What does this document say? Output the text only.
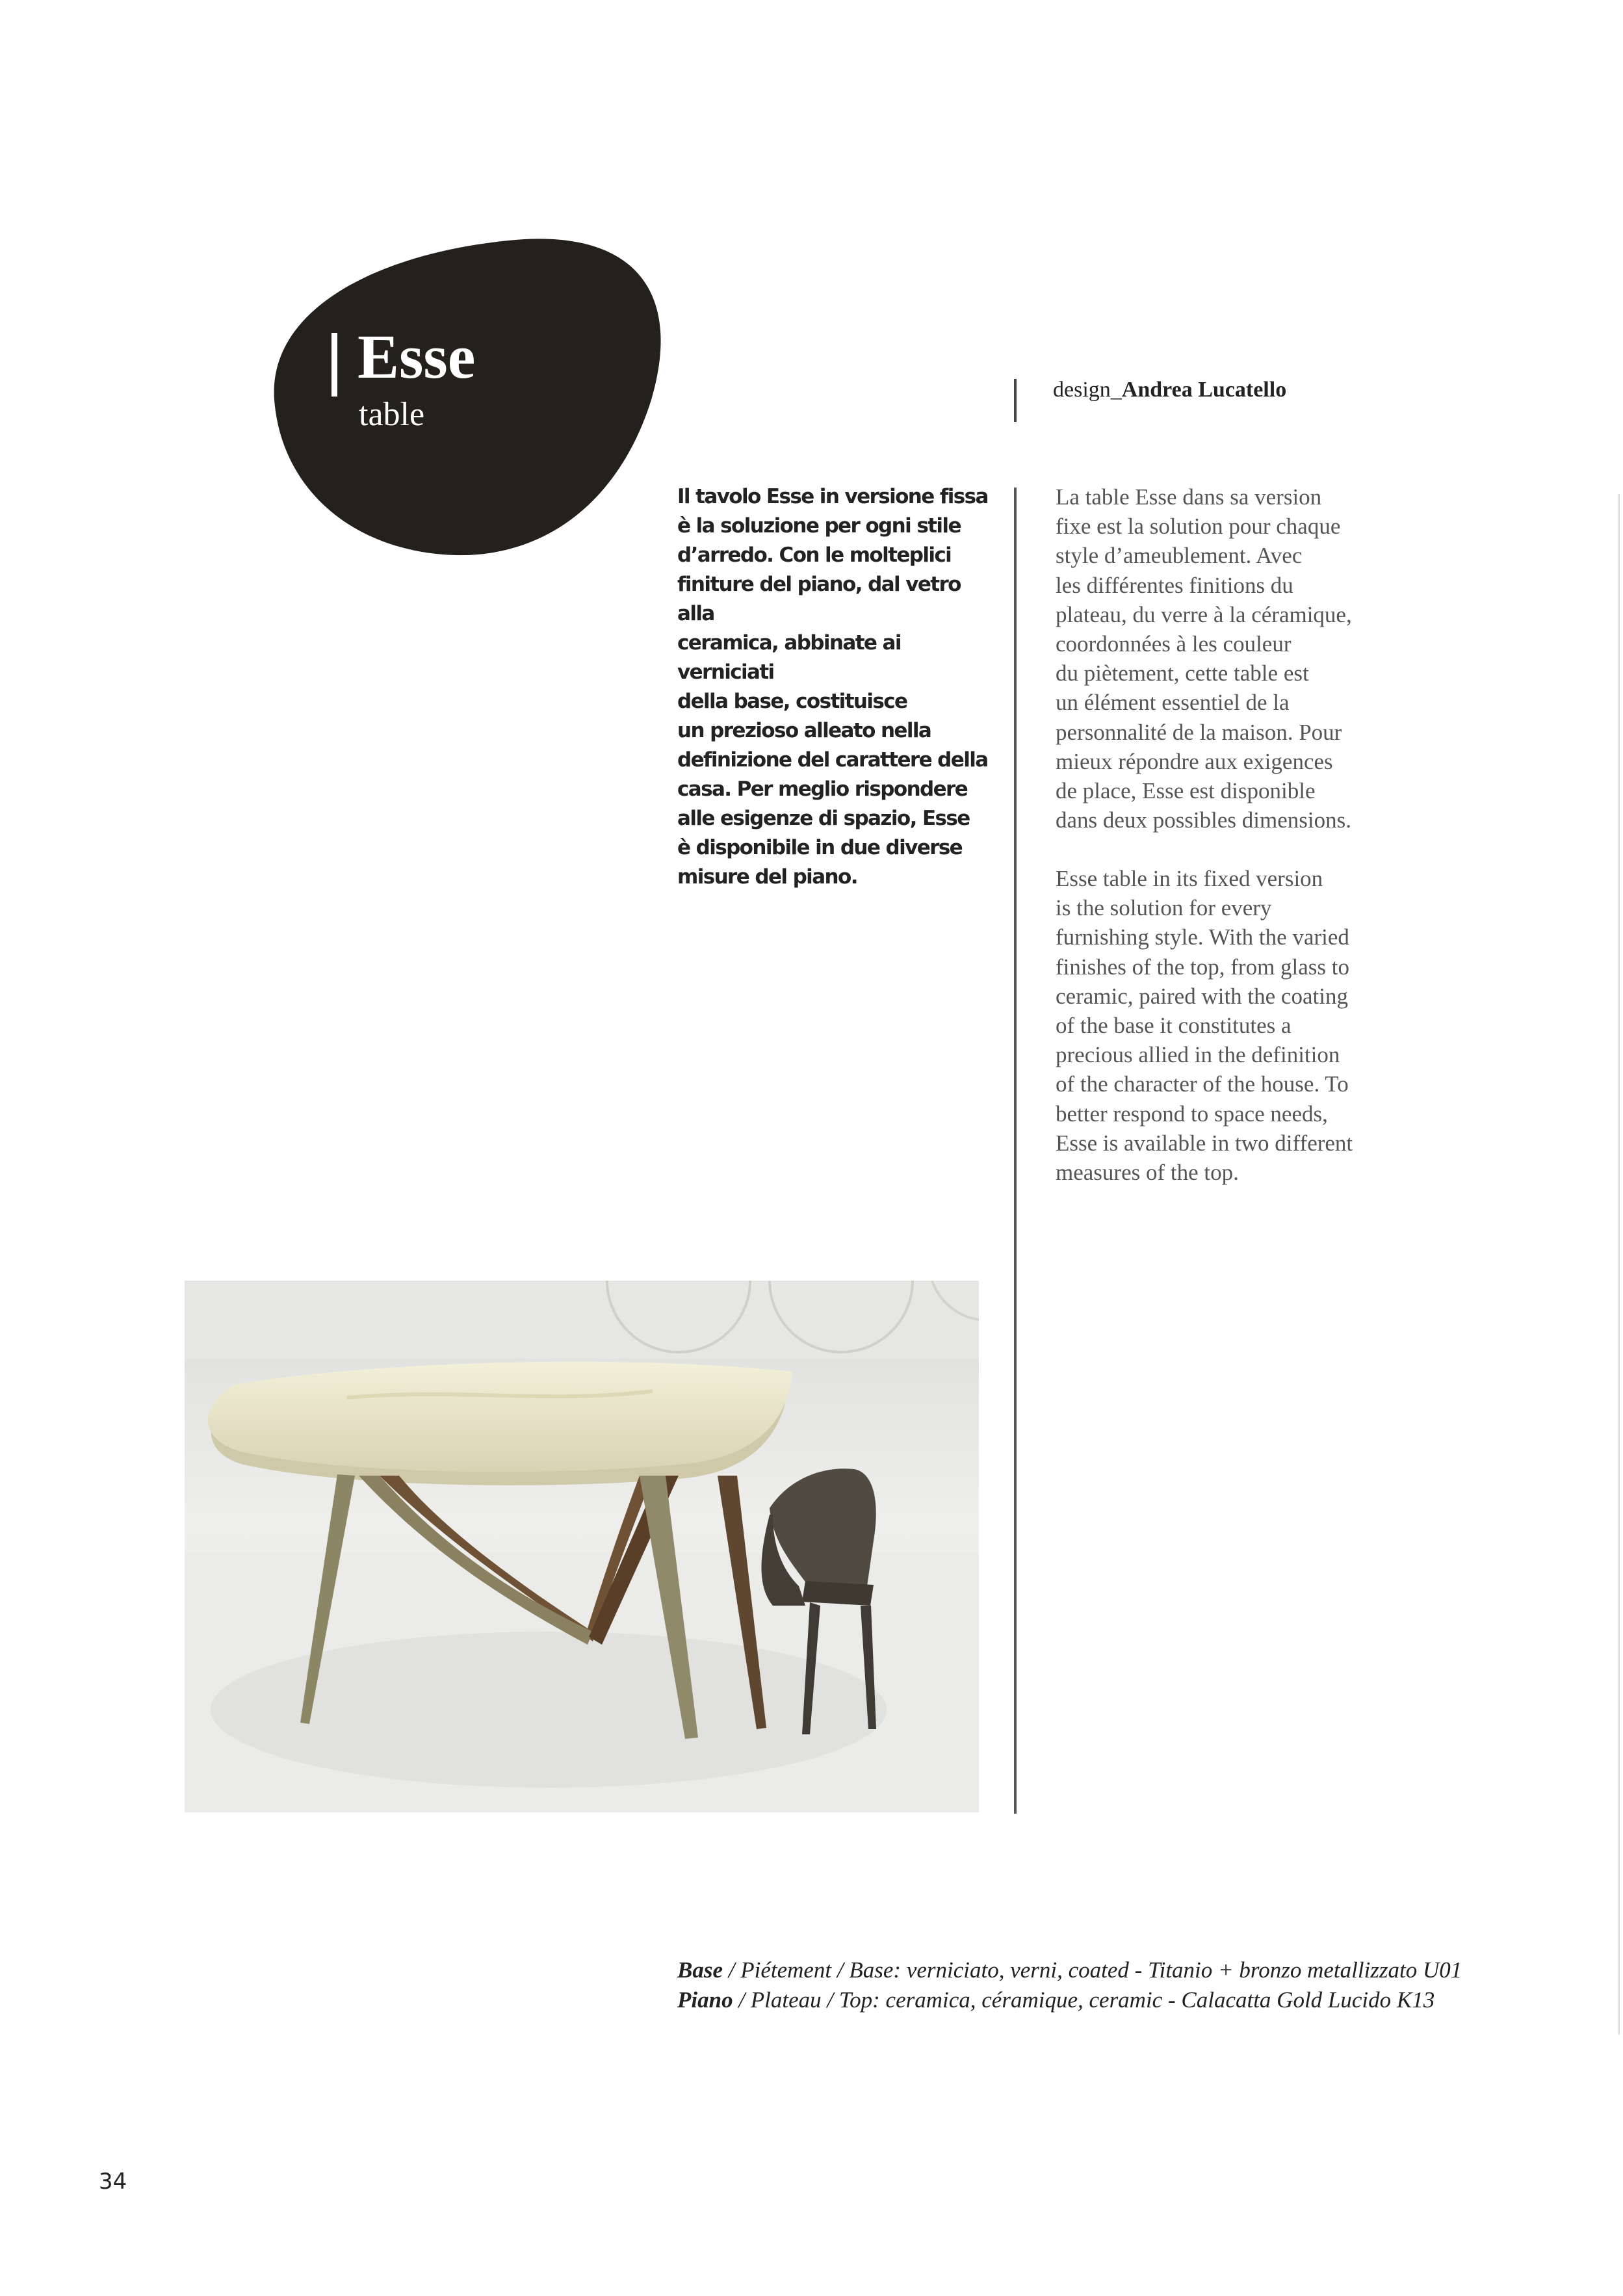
Esse
table
design_Andrea Lucatello

Il tavolo Esse in versione fissa
è la soluzione per ogni stile
d’arredo. Con le molteplici
finiture del piano, dal vetro alla
ceramica, abbinate ai verniciati
della base, costituisce
un prezioso alleato nella
definizione del carattere della
casa. Per meglio rispondere
alle esigenze di spazio, Esse
è disponibile in due diverse
misure del piano.

La table Esse dans sa version
fixe est la solution pour chaque
style d’ameublement. Avec
les différentes finitions du
plateau, du verre à la céramique,
coordonnées à les couleur
du piètement, cette table est
un élément essentiel de la
personnalité de la maison. Pour
mieux répondre aux exigences
de place, Esse est disponible
dans deux possibles dimensions.

Esse table in its fixed version
is the solution for every
furnishing style. With the varied
finishes of the top, from glass to
ceramic, paired with the coating
of the base it constitutes a
precious allied in the definition
of the character of the house. To
better respond to space needs,
Esse is available in two different
measures of the top.

Base / Piétement / Base: verniciato, verni, coated - Titanio + bronzo metallizzato U01
Piano / Plateau / Top: ceramica, céramique, ceramic - Calacatta Gold Lucido K13
34
